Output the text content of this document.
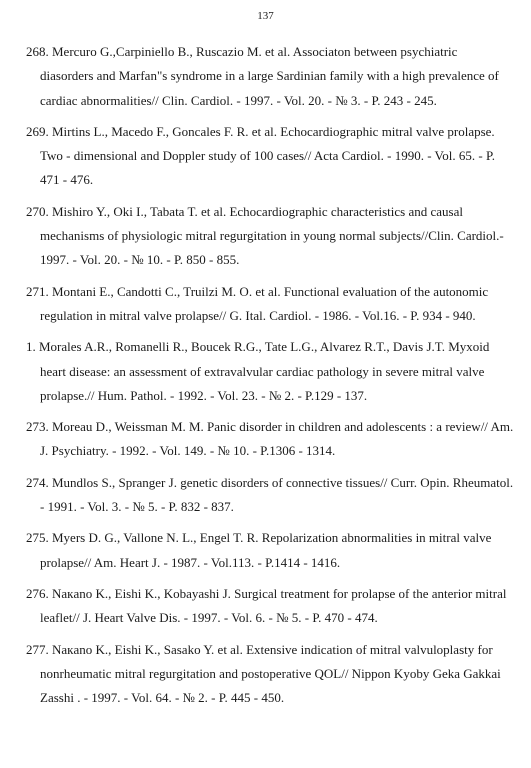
137

268. Mercuro G.,Carpiniello B., Ruscazio M. et al. Associaton between psychiatric diasorders and Marfan"s syndrome in a large Sardinian family with a high prevalence of cardiac abnormalities// Clin. Cardiol. - 1997. - Vol. 20. - № 3. - P. 243 - 245.

269. Mirtins L., Macedo F., Goncales F. R. et al. Echocardiographic mitral valve prolapse. Two - dimensional and Doppler study of 100 cases// Acta Cardiol. - 1990. - Vol. 65. - P. 471 - 476.

270. Mishiro Y., Oki I., Tabata T. et al. Echocardiographic characteristics and causal mechanisms of physiologic mitral regurgitation in young normal subjects//Clin. Cardiol.- 1997. - Vol. 20. - № 10. - P. 850 - 855.

271. Montani E., Candotti C., Truilzi M. O. et al. Functional evaluation of the autonomic regulation in mitral valve prolapse// G. Ital. Cardiol. - 1986. - Vol.16. - P. 934 - 940.

1. Morales A.R., Romanelli R., Boucek R.G., Tate L.G., Alvarez R.T., Davis J.T. Myxoid heart disease: an assessment of extravalvular cardiac pathology in severe mitral valve prolapse.// Hum. Pathol. - 1992. - Vol. 23. - № 2. - P.129 - 137.

273. Moreau D., Weissman M. M. Panic disorder in children and adolescents : a review// Am. J. Psychiatry. - 1992. - Vol. 149. - № 10. - P.1306 - 1314.

274. Mundlos S., Spranger J. genetic disorders of connective tissues// Curr. Opin. Rheumatol. - 1991. - Vol. 3. - № 5. - P. 832 - 837.

275. Myers D. G., Vallone N. L., Engel T. R. Repolarization abnormalities in mitral valve prolapse// Am. Heart J. - 1987. - Vol.113. - P.1414 - 1416.

276. Nакano K., Eishi K., Kobayashi J. Surgical treatment for prolapse of the anterior mitral leaflet// J. Heart Valve Dis. - 1997. - Vol. 6. - № 5. - P. 470 - 474.

277. Nакano K., Eishi K., Sasako Y. et al. Extensive indication of mitral valvuloplasty for nonrheumatic mitral regurgitation and postoperative QOL// Nippon Kyoby Geka Gakkai Zasshi . - 1997. - Vol. 64. - № 2. - P. 445 - 450.
